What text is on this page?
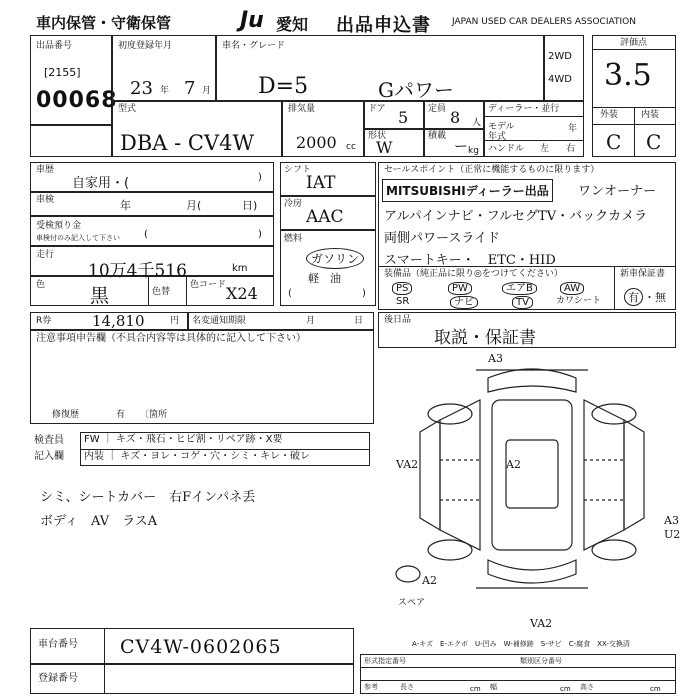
車内保管・守衛保管	Ju 愛知 出品申込書 JAPAN USED CAR DEALERS ASSOCIATION
出品番号
[2155]
00068
初度登録年月
23 年 7 月
車名・グレード
D=5	Gパワー
2WD
4WD
評価点
3.5
外装	内装
C C
型式
DBA - CV4W
排気量
2000 cc
ドア 5 定員 8 人
形状
W
積載
ー kg
ディーラー・並行
モデル年式
年
ハンドル 左 右
車歴
自家用・(	)
車検	年	月(	日)
受検預り金
車検付のみ記入して下さい (	)
走行
10万4千516	km
色 黒	色替
色コード X24
シフト
IAT
冷房
AAC
燃料
ガソリン
軽　油
(	)
R券	14,810	円 名変通知期限	月	日
注意事項申告欄（不具合内容等は具体的に記入して下さい）
修復歴	有 〔箇所
セールスポイント（正常に機能するものに限ります）
MITSUBISHIディーラー出品	ワンオーナー
アルパインナビ・フルセグTV・バックカメラ
両側パワースライド
スマートキー・　ETC・HID
装備品（純正品に限り◎をつけてください）
PS	PW	エアB	AW
SR	ナビ	TV	カワシート
新車保証書
有 ・無
後日品
取説・保証書
検査員
記入欄
FW ｜ キズ・飛石・ヒビ割・リペア跡・X要
内装 ｜ キズ・ヨレ・コゲ・穴・シミ・キレ・破レ
シミ、シートカバー　右Fインパネ丢
ボディ　AV　ラスA
A3
VA2
A2
A3
U2
A2
VA2
スペア
A-キズ　E-エクボ　U-凹み　W-補修跡　S-サビ　C-腐食　XX-交換済
車台番号 CV4W-0602065
登録番号
形式指定番号	類別区分番号
参考	長さ	cm 幅	cm 高さ	cm
